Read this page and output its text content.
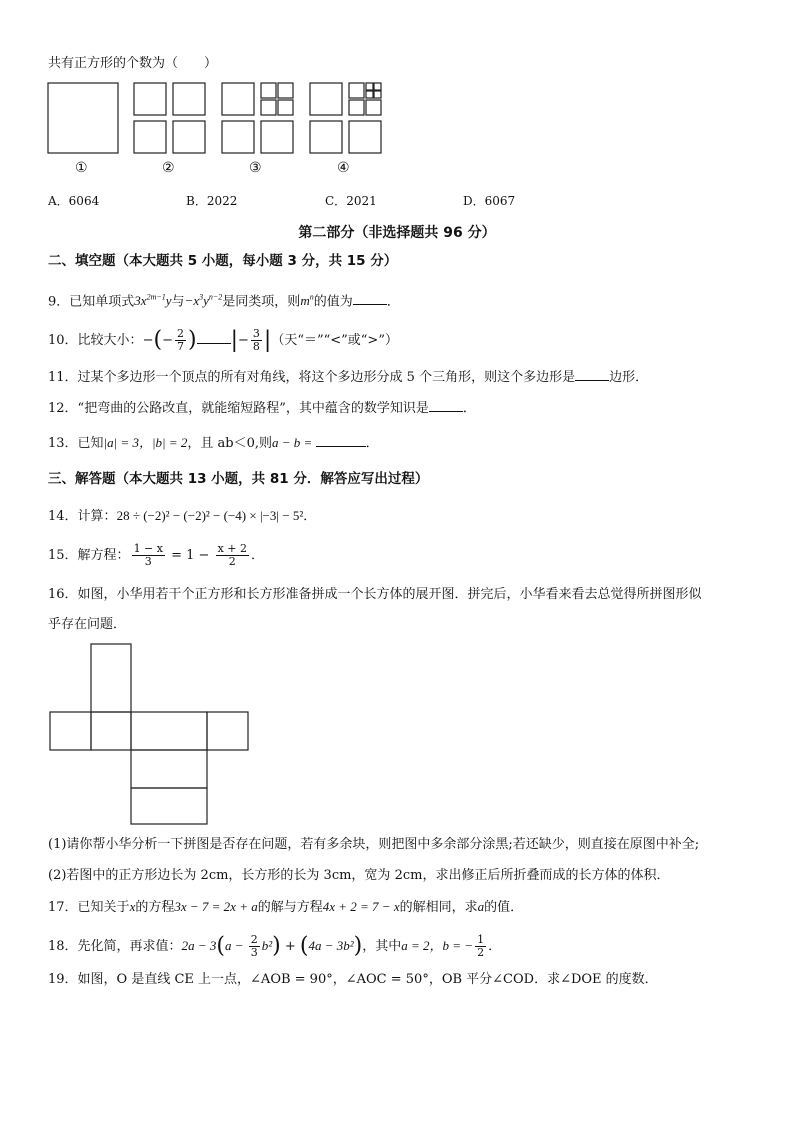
共有正方形的个数为（　　）
①	②	③	④
A．6064	B．2022	C．2021	D．6067
第二部分（非选择题共 96 分）
二、填空题（本大题共 5 小题，每小题 3 分，共 15 分）
9．已知单项式$3x^{2m-1}y$与$-x^3y^{n-2}$是同类项，则$m^n$的值为	．
10．比较大小：−(− $\frac{2}{7}$ ) |− $\frac{3}{8}$ |（天“＝”“<”或“>”）
11．过某个多边形一个顶点的所有对角线，将这个多边形分成 5 个三角形，则这个多边形是	边形．
12．“把弯曲的公路改直，就能缩短路程”，其中蕴含的数学知识是	．
13．已知|a| = 3，|b| = 2，且 ab＜0,则a − b =	．
三、解答题（本大题共 13 小题，共 81 分．解答应写出过程）
14．计算：28 ÷ (−2)² − (−2)² − (−4) × |−3| − 5²．
15．解方程： $\frac{1 - x}{3} = 1 - \frac{x + 2}{2}$ ．
16．如图，小华用若干个正方形和长方形准备拼成一个长方体的展开图．拼完后，小华看来看去总觉得所拼图形似
乎存在问题．
(1)请你帮小华分析一下拼图是否存在问题，若有多余块，则把图中多余部分涂黑;若还缺少，则直接在原图中补全;
(2)若图中的正方形边长为 2cm，长方形的长为 3cm，宽为 2cm，求出修正后所折叠而成的长方体的体积．
17．已知关于x的方程3x − 7 = 2x + a的解与方程4x + 2 = 7 − x的解相同，求a的值．
18．先化简，再求值：$2a - 3(a - \frac{2}{3} b^2) + (4a - 3b^2)$，其中a = 2，b = − $\frac{1}{2}$ ．
19．如图，O 是直线 CE 上一点，∠AOB = 90°，∠AOC = 50°，OB 平分∠COD．求∠DOE 的度数．
